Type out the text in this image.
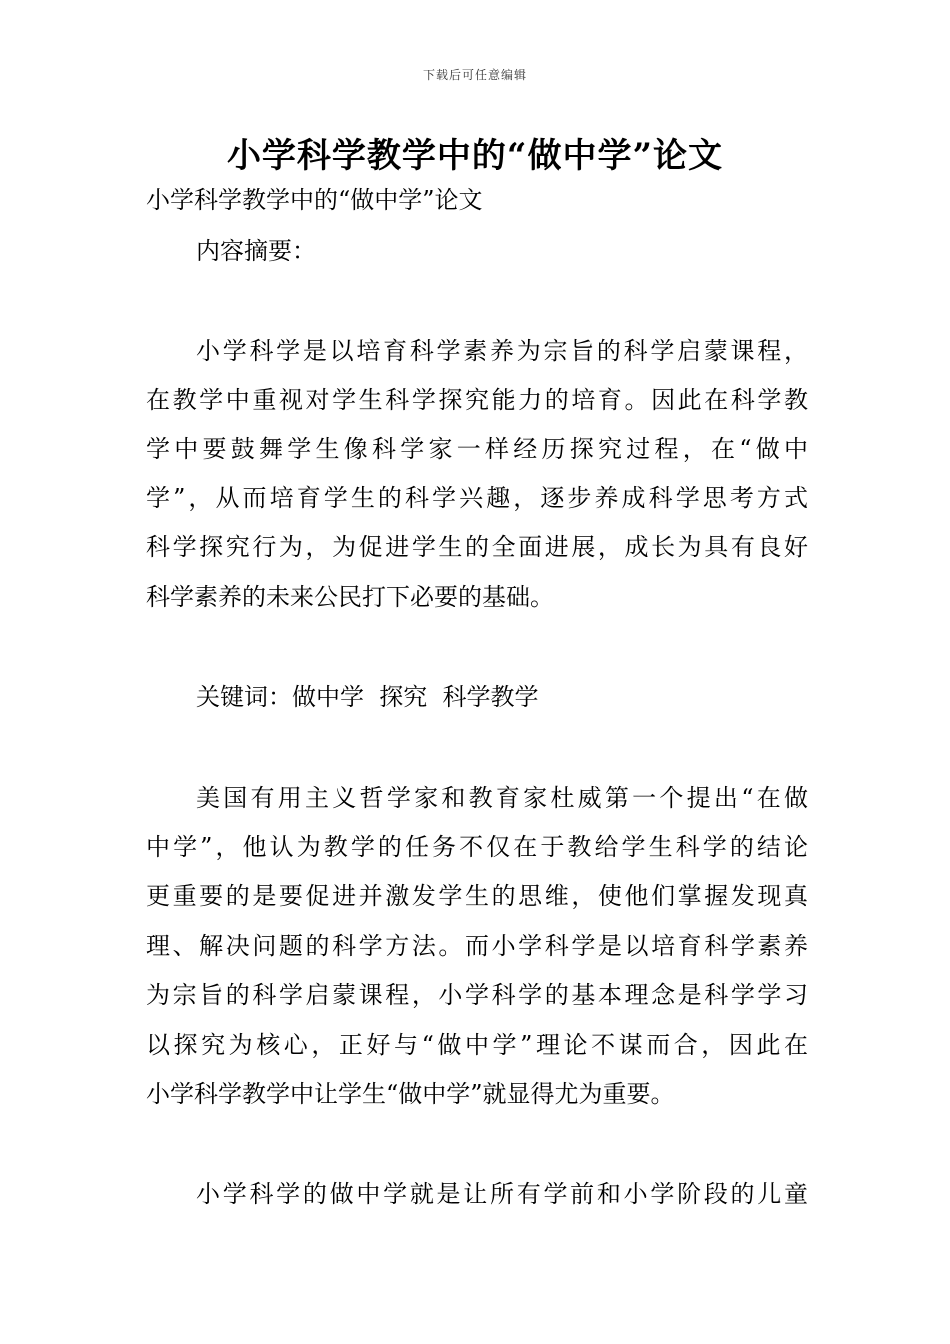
下载后可任意编辑
小学科学教学中的“做中学”论文
小学科学教学中的“做中学”论文
内容摘要：
小学科学是以培育科学素养为宗旨的科学启蒙课程，
在教学中重视对学生科学探究能力的培育。因此在科学教
学中要鼓舞学生像科学家一样经历探究过程，在“做中
学”，从而培育学生的科学兴趣，逐步养成科学思考方式
科学探究行为，为促进学生的全面进展，成长为具有良好
科学素养的未来公民打下必要的基础。
关键词：做中学  探究  科学教学
美国有用主义哲学家和教育家杜威第一个提出“在做
中学”，他认为教学的任务不仅在于教给学生科学的结论
更重要的是要促进并激发学生的思维，使他们掌握发现真
理、解决问题的科学方法。而小学科学是以培育科学素养
为宗旨的科学启蒙课程，小学科学的基本理念是科学学习
以探究为核心，正好与“做中学”理论不谋而合，因此在
小学科学教学中让学生“做中学”就显得尤为重要。
小学科学的做中学就是让所有学前和小学阶段的儿童
